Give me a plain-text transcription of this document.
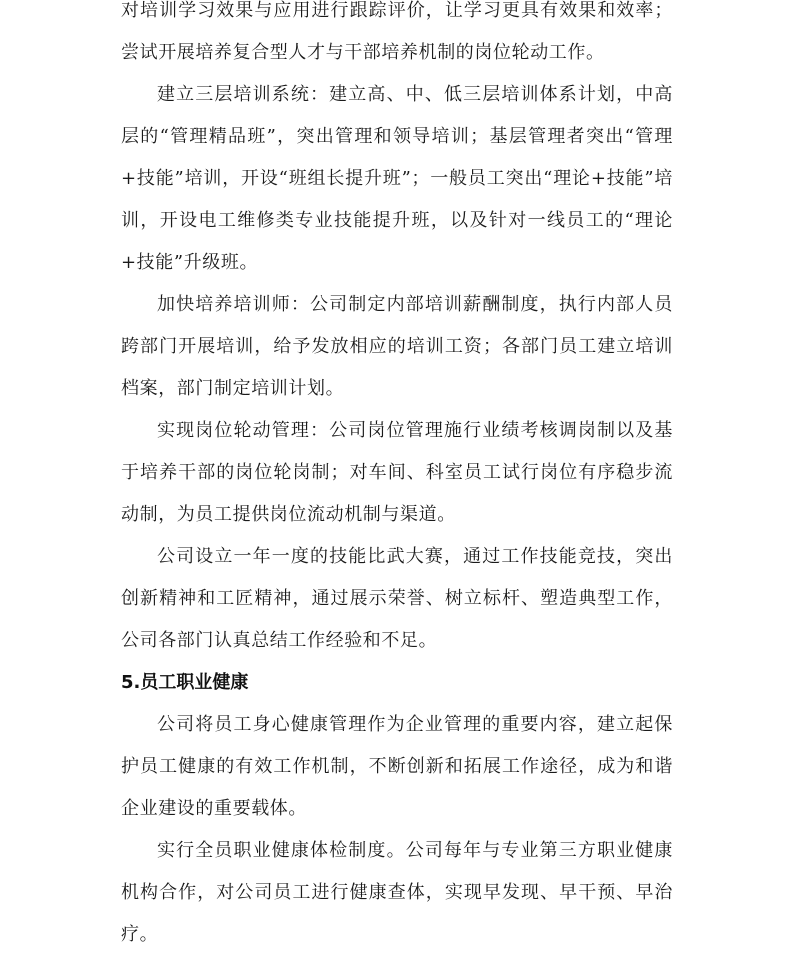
对培训学习效果与应用进行跟踪评价，让学习更具有效果和效率；尝试开展培养复合型人才与干部培养机制的岗位轮动工作。

建立三层培训系统：建立高、中、低三层培训体系计划，中高层的“管理精品班”，突出管理和领导培训；基层管理者突出“管理+技能”培训，开设“班组长提升班”；一般员工突出“理论+技能”培训，开设电工维修类专业技能提升班，以及针对一线员工的“理论+技能”升级班。

加快培养培训师：公司制定内部培训薪酬制度，执行内部人员跨部门开展培训，给予发放相应的培训工资；各部门员工建立培训档案，部门制定培训计划。

实现岗位轮动管理：公司岗位管理施行业绩考核调岗制以及基于培养干部的岗位轮岗制；对车间、科室员工试行岗位有序稳步流动制，为员工提供岗位流动机制与渠道。

公司设立一年一度的技能比武大赛，通过工作技能竞技，突出创新精神和工匠精神，通过展示荣誉、树立标杆、塑造典型工作，公司各部门认真总结工作经验和不足。

5.员工职业健康

公司将员工身心健康管理作为企业管理的重要内容，建立起保护员工健康的有效工作机制，不断创新和拓展工作途径，成为和谐企业建设的重要载体。

实行全员职业健康体检制度。公司每年与专业第三方职业健康机构合作，对公司员工进行健康查体，实现早发现、早干预、早治疗。
